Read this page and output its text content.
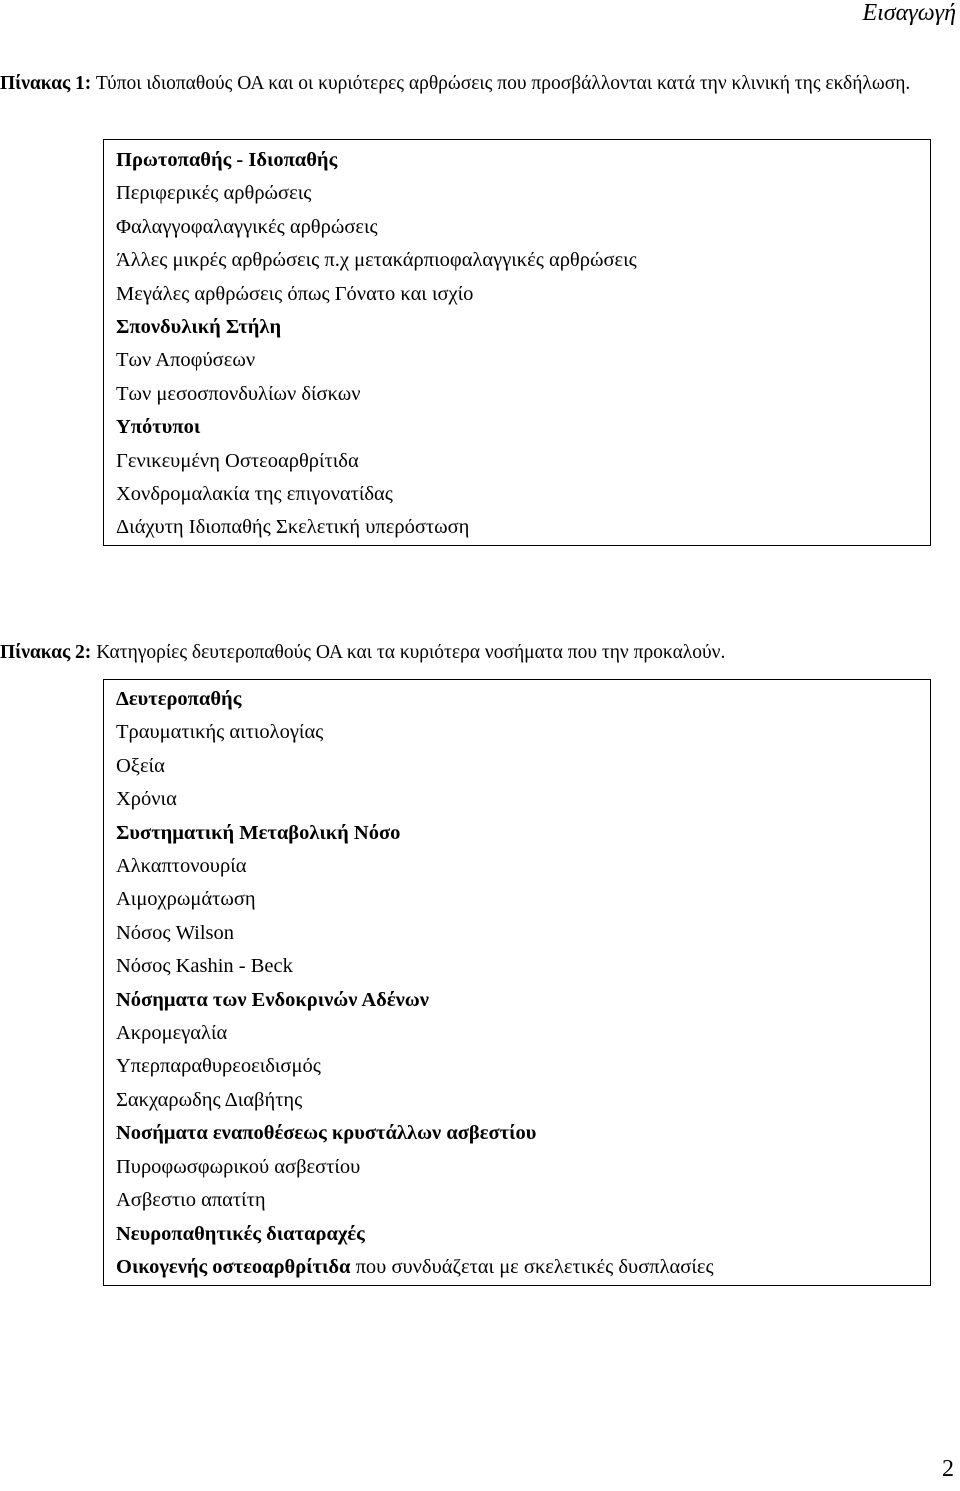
Εισαγωγή
Πίνακας 1: Τύποι ιδιοπαθούς ΟΑ και οι κυριότερες αρθρώσεις που προσβάλλονται κατά την κλινική της εκδήλωση.
Πρωτοπαθής - Ιδιοπαθής
Περιφερικές αρθρώσεις
Φαλαγγοφαλαγγικές αρθρώσεις
Άλλες μικρές αρθρώσεις π.χ μετακάρπιοφαλαγγικές αρθρώσεις
Μεγάλες αρθρώσεις όπως Γόνατο και ισχίο
Σπονδυλική Στήλη
Των Αποφύσεων
Των μεσοσπονδυλίων δίσκων
Υπότυποι
Γενικευμένη Οστεοαρθρίτιδα
Χονδρομαλακία της επιγονατίδας
Διάχυτη Ιδιοπαθής Σκελετική υπερόστωση
Πίνακας 2: Κατηγορίες δευτεροπαθούς ΟΑ και τα κυριότερα νοσήματα που την προκαλούν.
Δευτεροπαθής
Τραυματικής αιτιολογίας
Οξεία
Χρόνια
Συστηματική Μεταβολική Νόσο
Αλκαπτονουρία
Αιμοχρωμάτωση
Νόσος Wilson
Νόσος Kashin - Beck
Νόσηματα των Ενδοκρινών Αδένων
Ακρομεγαλία
Υπερπαραθυρεοειδισμός
Σακχαρωδης Διαβήτης
Νοσήματα εναποθέσεως κρυστάλλων ασβεστίου
Πυροφωσφωρικού ασβεστίου
Ασβεστιο απατίτη
Νευροπαθητικές διαταραχές
Οικογενής οστεοαρθρίτιδα που συνδυάζεται με σκελετικές δυσπλασίες
2
